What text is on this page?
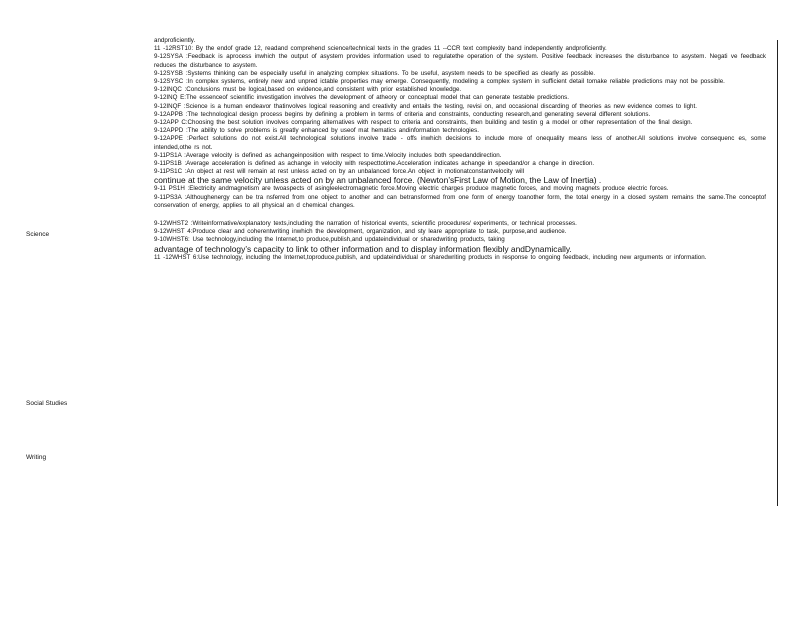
Science
Social Studies
Writing
andproficiently.
11 -12RST10: By the endof grade 12, readand comprehend science/technical texts in the grades 11 --CCR text complexity band independently andproficiently.
9-12SYSA :Feedback is aprocess inwhich the output of asystem provides information used to regulatethe operation of the system. Positive feedback increases the disturbance to asystem. Negati ve feedback reduces the disturbance to asystem.
9-12SYSB :Systems thinking can be especially useful in analyzing complex situations. To be useful, asystem needs to be specified as clearly as possible.
9-12SYSC :In complex systems, entirely new and unpred ictable properties may emerge. Consequently, modeling a complex system in sufficient detail tomake reliable predictions may not be possible.
9-12INQC :Conclusions must be logical,based on evidence,and consistent with prior established knowledge.
9-12INQ E:The essenceof scientific investigation involves the development of atheory or conceptual model that can generate testable predictions.
9-12INQF :Science is a human endeavor thatinvolves logical reasoning and creativity and entails the testing, revisi on, and occasional discarding of theories as new evidence comes to light.
9-12APPB :The technological design process begins by defining a problem in terms of criteria and constraints, conducting research,and generating several different solutions.
9-12APP C:Choosing the best solution involves comparing alternatives with respect to criteria and constraints, then building and testin g a model or other representation of the final design.
9-12APPD :The ability to solve problems is greatly enhanced by useof mat hematics andinformation technologies.
9-12APPE :Perfect solutions do not exist.All technological solutions involve trade - offs inwhich decisions to include more of onequality means less of another.All solutions involve consequenc es, some intended,othe rs not.
9-11PS1A :Average velocity is defined as achangeinposition with respect to time.Velocity includes both speedanddirection.
9-11PS1B :Average acceleration is defined as achange in velocity with respecttotime.Acceleration indicates achange in speedand/or a change in direction.
9-11PS1C :An object at rest will remain at rest unless acted on by an unbalanced force.An object in motionatconstantvelocity will
continue at the same velocity unless acted on by an unbalanced force. (Newton’sFirst Law of Motion, the Law of Inertia) .
9-11 PS1H :Electricity andmagnetism are twoaspects of asingleelectromagnetic force.Moving electric charges produce magnetic forces, and moving magnets produce electric forces.
9-11PS3A :Althoughenergy can be tra nsferred from one object to another and can betransformed from one form of energy toanother form, the total energy in a closed system remains the same.The conceptof conservation of energy, applies to all physical an d chemical changes.
9-12WHST2 :Writeinformative/explanatory texts,including the narration of historical events, scientific procedures/ experiments, or technical processes.
9-12WHST 4:Produce clear and coherentwriting inwhich the development, organization, and sty leare appropriate to task, purpose,and audience.
9-10WHST6: Use technology,including the Internet,to produce,publish,and updateindividual or sharedwriting products, taking
advantage of technology’s capacity to link to other information and to display information flexibly andDynamically.
11 -12WHST 6:Use technology, including the Internet,toproduce,publish, and updateindividual or sharedwriting products in response to ongoing feedback, including new arguments or information.
